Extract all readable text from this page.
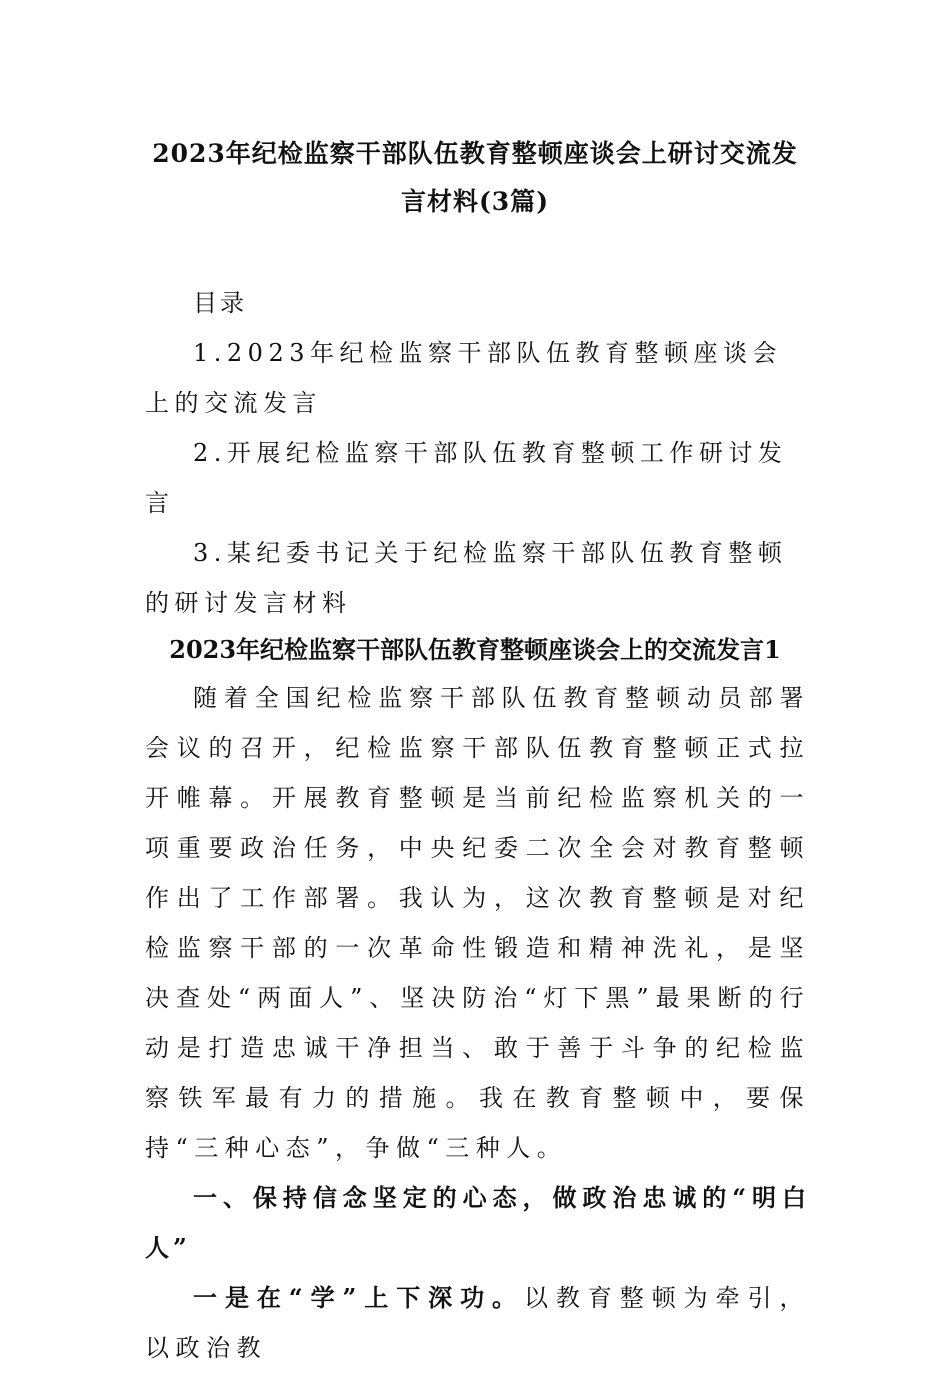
2023年纪检监察干部队伍教育整顿座谈会上研讨交流发言材料(3篇)

目录

1.2023年纪检监察干部队伍教育整顿座谈会上的交流发言

2.开展纪检监察干部队伍教育整顿工作研讨发言

3.某纪委书记关于纪检监察干部队伍教育整顿的研讨发言材料

2023年纪检监察干部队伍教育整顿座谈会上的交流发言1

随着全国纪检监察干部队伍教育整顿动员部署会议的召开，纪检监察干部队伍教育整顿正式拉开帷幕。开展教育整顿是当前纪检监察机关的一项重要政治任务，中央纪委二次全会对教育整顿作出了工作部署。我认为，这次教育整顿是对纪检监察干部的一次革命性锻造和精神洗礼，是坚决查处“两面人”、坚决防治“灯下黑”最果断的行动是打造忠诚干净担当、敢于善于斗争的纪检监察铁军最有力的措施。我在教育整顿中，要保持“三种心态”，争做“三种人。

一、保持信念坚定的心态，做政治忠诚的“明白人”

一是在“学”上下深功。以教育整顿为牵引，以政治教
